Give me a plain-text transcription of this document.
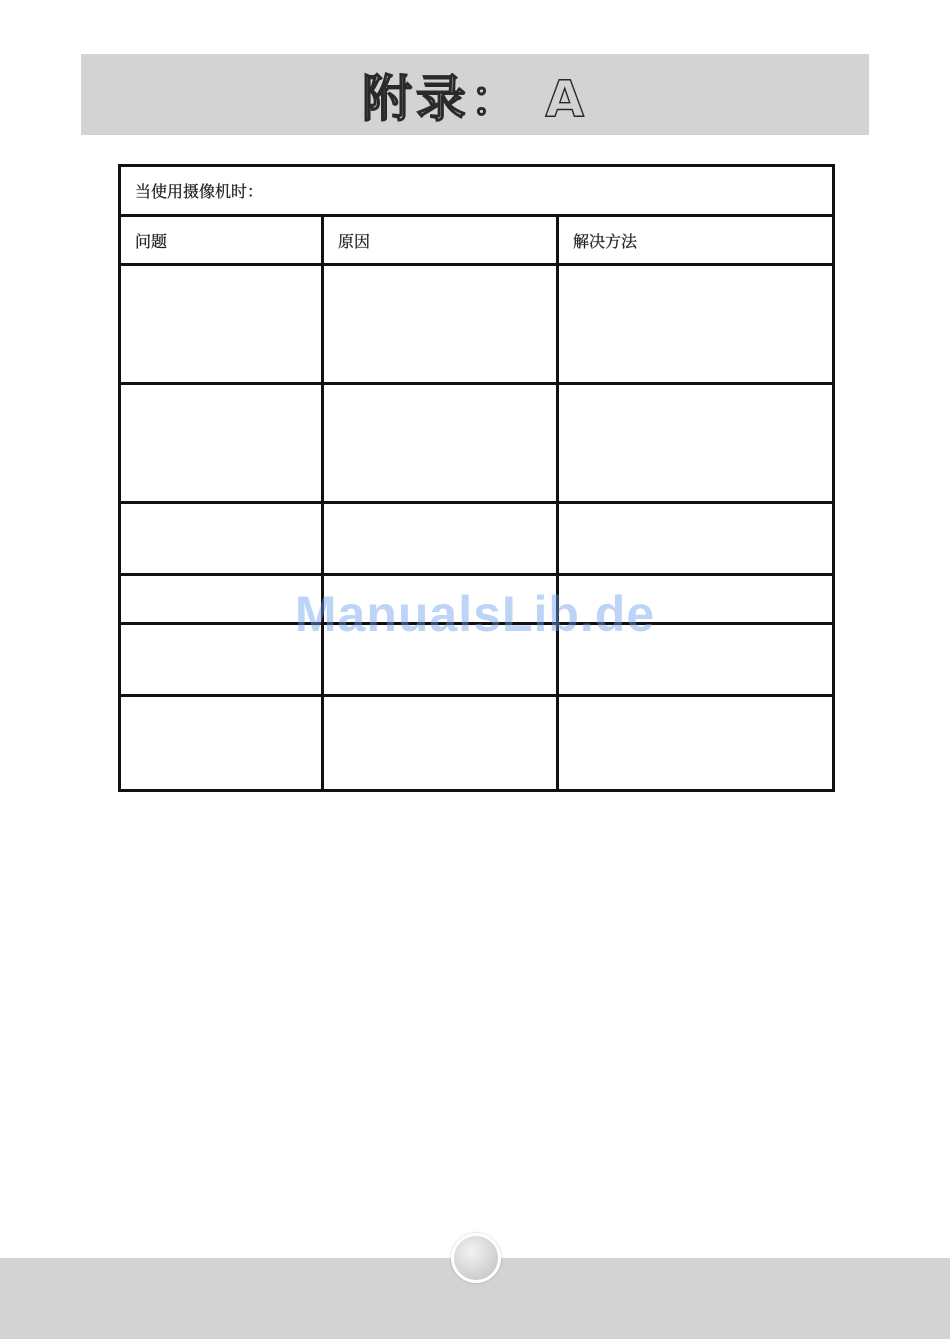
附录： A
当使用摄像机时：		

问题	原因	解决方法

ManualsLib.de
